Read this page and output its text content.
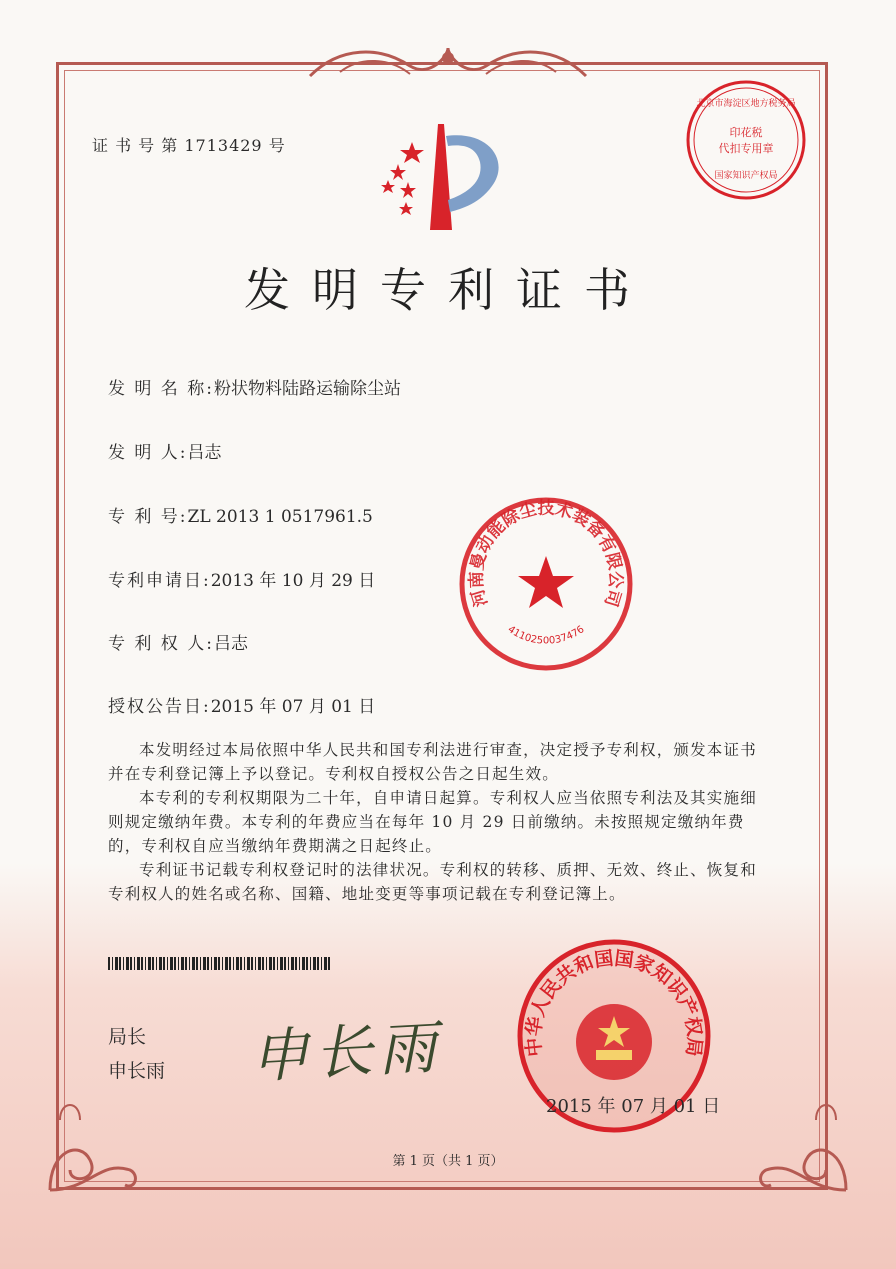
北京市海淀区地方税务局
印花税
代扣专用章
国家知识产权局
证 书 号 第 1713429 号
发明专利证书
发 明 名 称:粉状物料陆路运输除尘站
发 明 人:吕志
专 利 号:ZL 2013 1 0517961.5
专利申请日:2013 年 10 月 29 日
专 利 权 人:吕志
授权公告日:2015 年 07 月 01 日
河南曼动能除尘技术装备有限公司
4110250037476
本发明经过本局依照中华人民共和国专利法进行审查，决定授予专利权，颁发本证书并在专利登记簿上予以登记。专利权自授权公告之日起生效。
本专利的专利权期限为二十年，自申请日起算。专利权人应当依照专利法及其实施细则规定缴纳年费。本专利的年费应当在每年 10 月 29 日前缴纳。未按照规定缴纳年费的，专利权自应当缴纳年费期满之日起终止。
专利证书记载专利权登记时的法律状况。专利权的转移、质押、无效、终止、恢复和专利权人的姓名或名称、国籍、地址变更等事项记载在专利登记簿上。
局长
申长雨 申长雨	中华人民共和国国家知识产权局
2015 年 07 月 01 日
第 1 页（共 1 页）
